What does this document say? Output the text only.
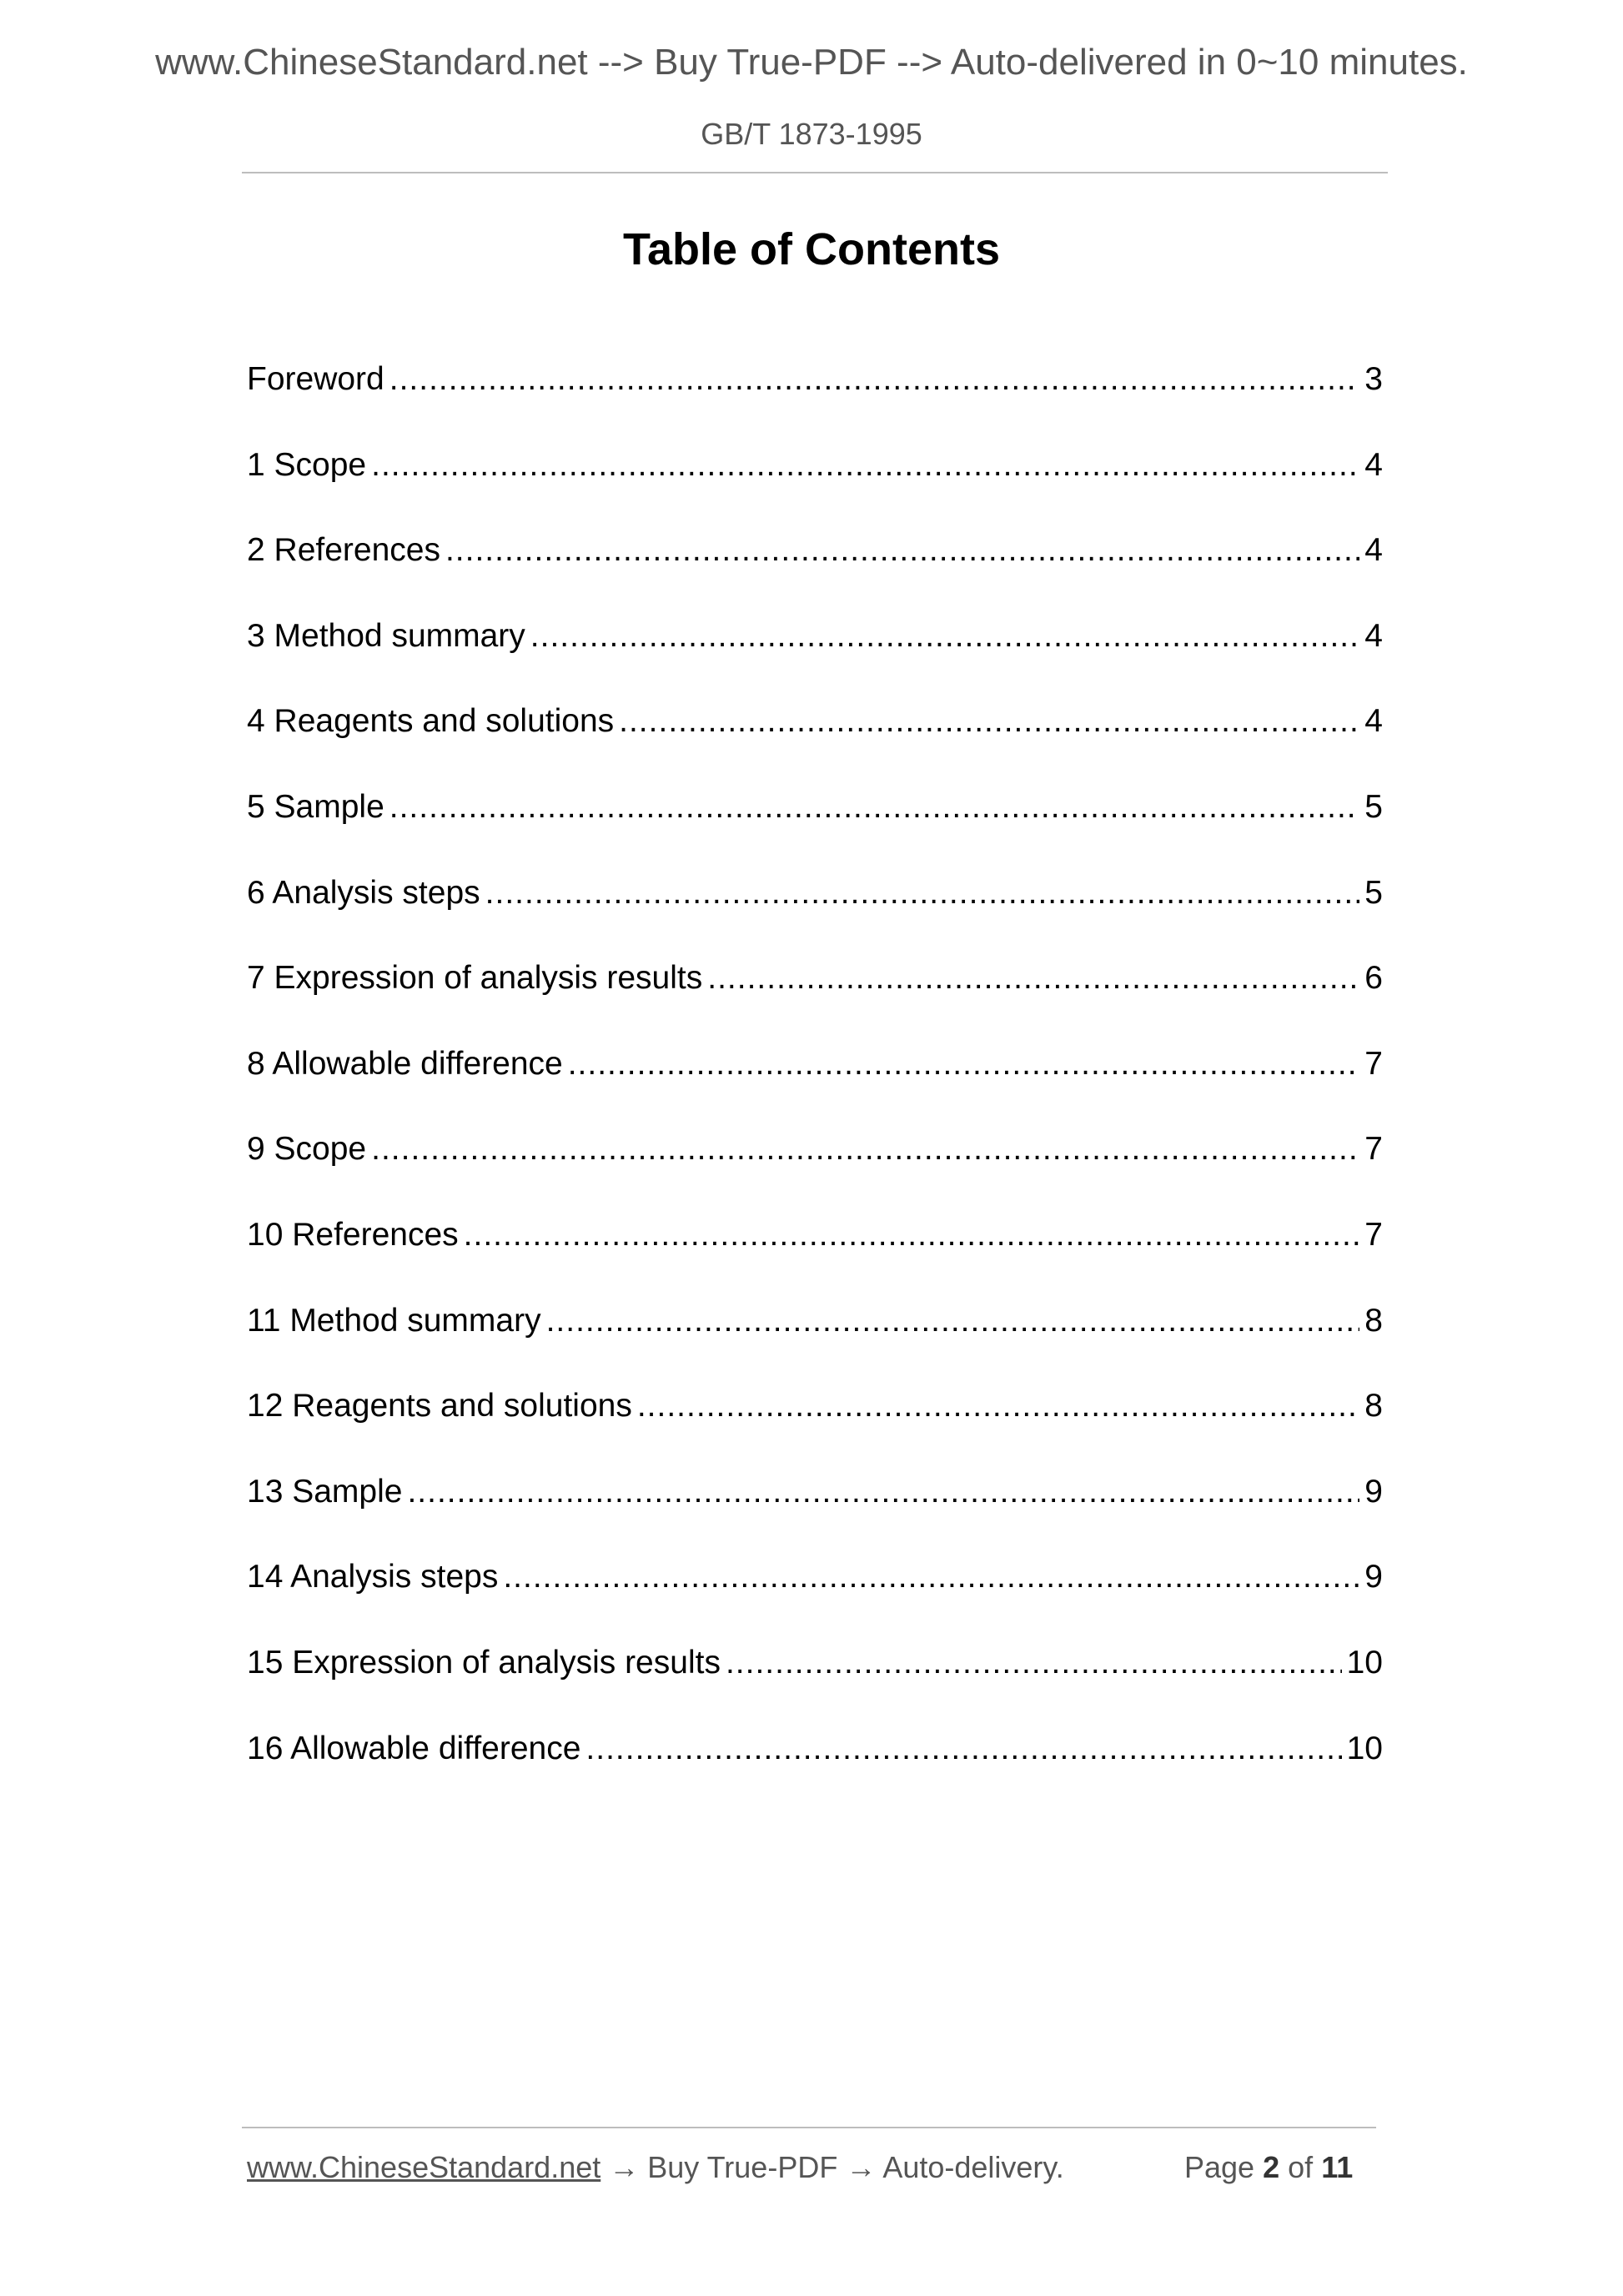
www.ChineseStandard.net --> Buy True-PDF --> Auto-delivered in 0~10 minutes.
GB/T 1873-1995
Table of Contents
Foreword .....	3
1 Scope .....	4
2 References .....	4
3 Method summary .....	4
4 Reagents and solutions .....	4
5 Sample .....	5
6 Analysis steps .....	5
7 Expression of analysis results .....	6
8 Allowable difference .....	7
9 Scope .....	7
10 References .....	7
11 Method summary .....	8
12 Reagents and solutions .....	8
13 Sample .....	9
14 Analysis steps .....	9
15 Expression of analysis results .....	10
16 Allowable difference .....	10
www.ChineseStandard.net → Buy True-PDF → Auto-delivery.	Page 2 of 11
